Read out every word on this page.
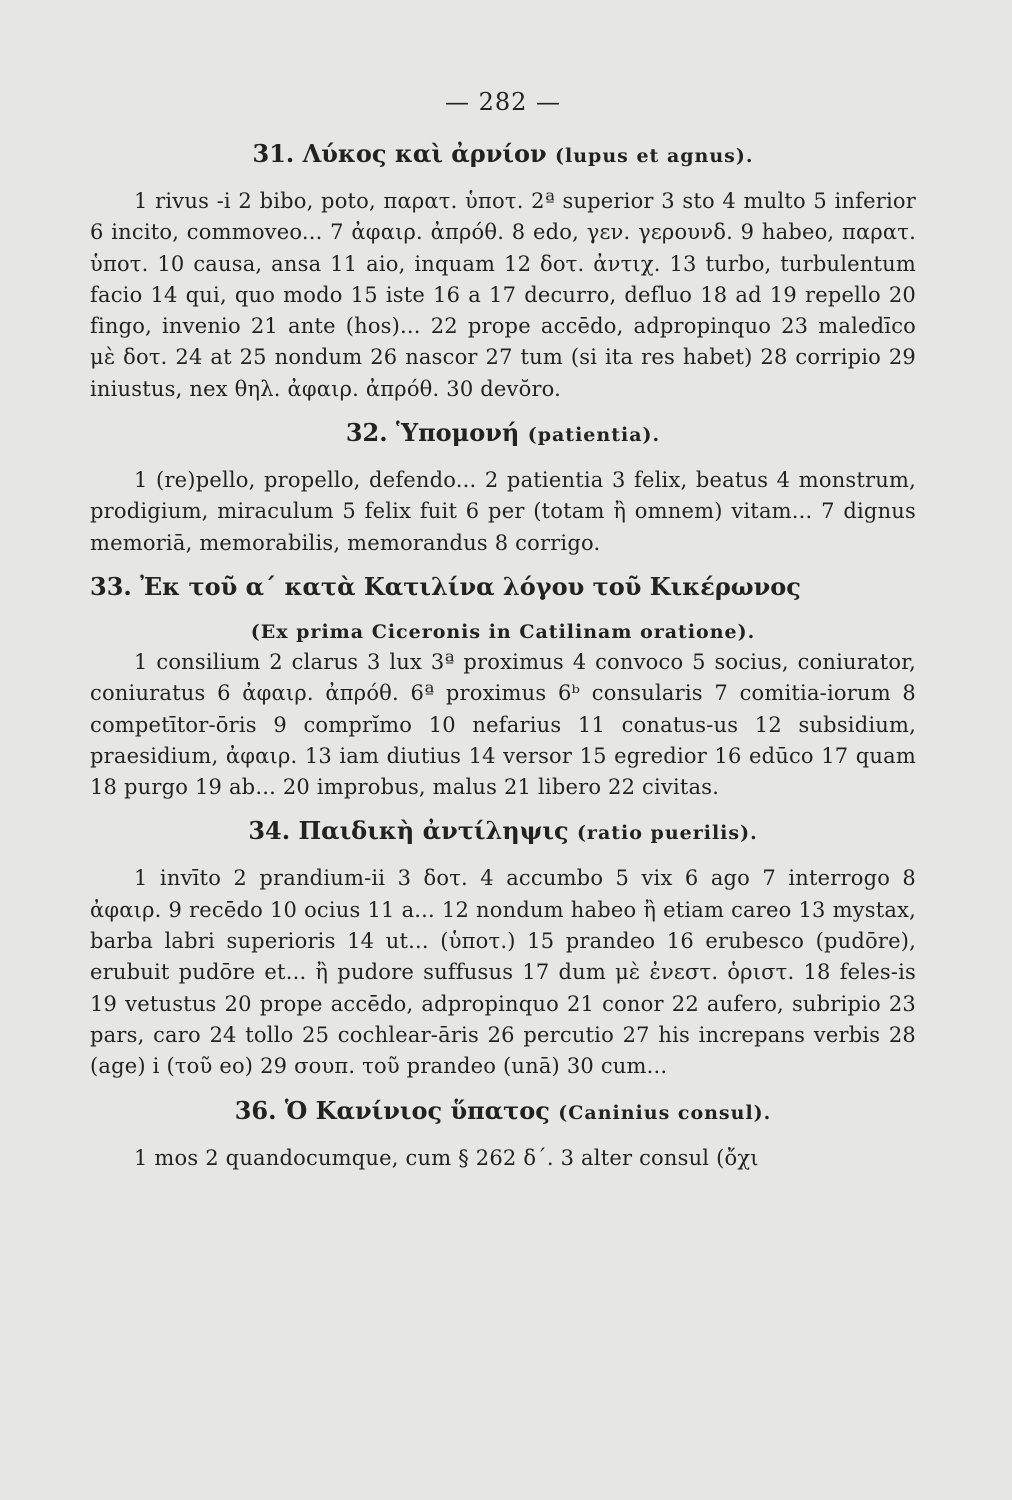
— 282 —
31. Λύκος καὶ ἀρνίον (lupus et agnus).

1 rivus -i 2 bibo, poto, παρατ. ὑποτ. 2ª superior 3 sto 4 multo 5 inferior 6 incito, commoveo... 7 ἀφαιρ. ἀπρόθ. 8 edo, γεν. γερουνδ. 9 habeo, παρατ. ὑποτ. 10 causa, ansa 11 aio, inquam 12 δοτ. ἀντιχ. 13 turbo, turbulentum facio 14 qui, quo modo 15 iste 16 a 17 decurro, defluo 18 ad 19 repello 20 fingo, invenio 21 ante (hos)... 22 prope accēdo, adpropinquo 23 maledīco μὲ δοτ. 24 at 25 nondum 26 nascor 27 tum (si ita res habet) 28 corripio 29 iniustus, nex θηλ. ἀφαιρ. ἀπρόθ. 30 devŏro.

32. Ὑπομονή (patientia).

1 (re)pello, propello, defendo... 2 patientia 3 felix, beatus 4 monstrum, prodigium, miraculum 5 felix fuit 6 per (totam ἢ omnem) vitam... 7 dignus memoriā, memorabilis, memorandus 8 corrigo.

33. Ἐκ τοῦ α΄ κατὰ Κατιλίνα λόγου τοῦ Κικέρωνος
(Ex prima Ciceronis in Catilinam oratione).

1 consilium 2 clarus 3 lux 3ª proximus 4 convoco 5 socius, coniurator, coniuratus 6 ἀφαιρ. ἀπρόθ. 6ª proximus 6ᵇ consularis 7 comitia-iorum 8 competītor-ōris 9 comprĭmo 10 nefarius 11 conatus-us 12 subsidium, praesidium, ἀφαιρ. 13 iam diutius 14 versor 15 egredior 16 edūco 17 quam 18 purgo 19 ab... 20 improbus, malus 21 libero 22 civitas.

34. Παιδικὴ ἀντίληψις (ratio puerilis).

1 invīto 2 prandium-ii 3 δοτ. 4 accumbo 5 vix 6 ago 7 interrogo 8 ἀφαιρ. 9 recēdo 10 ocius 11 a... 12 nondum habeo ἢ etiam careo 13 mystax, barba labri superioris 14 ut... (ὑποτ.) 15 prandeo 16 erubesco (pudōre), erubuit pudōre et... ἢ pudore suffusus 17 dum μὲ ἐνεστ. ὁριστ. 18 feles-is 19 vetustus 20 prope accēdo, adpropinquo 21 conor 22 aufero, subripio 23 pars, caro 24 tollo 25 cochlear-āris 26 percutio 27 his increpans verbis 28 (age) i (τοῦ eo) 29 σουπ. τοῦ prandeo (unā) 30 cum...

36. Ὁ Κανίνιος ὕπατος (Caninius consul).

1 mos 2 quandocumque, cum § 262 δ΄. 3 alter consul (ὄχι
